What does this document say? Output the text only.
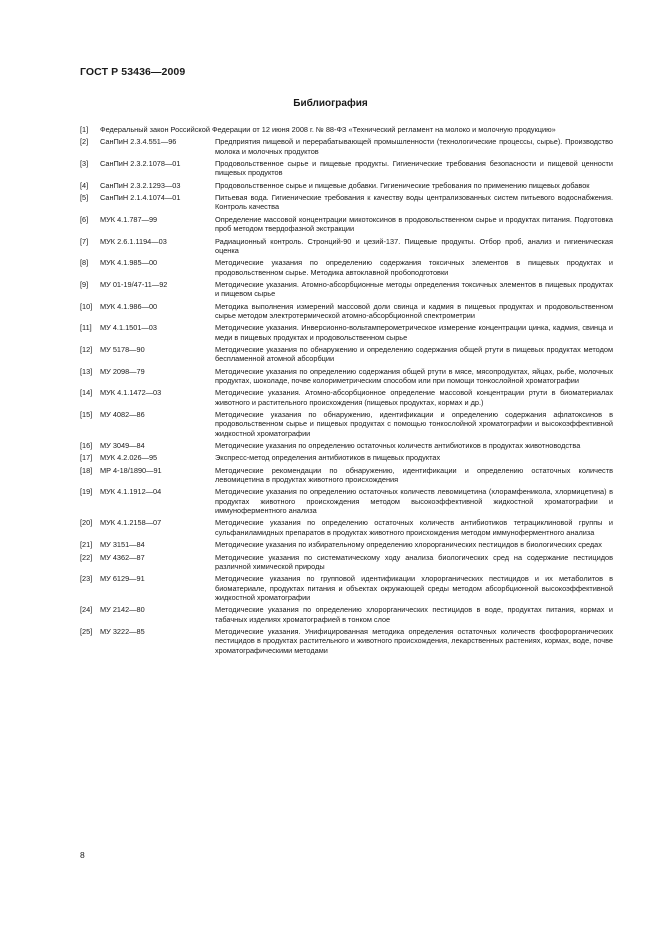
ГОСТ Р 53436—2009
Библиография
[1]	Федеральный закон Российской Федерации от 12 июня 2008 г. № 88-ФЗ «Технический регламент на молоко и молочную продукцию»
[2]	СанПиН 2.3.4.551—96	Предприятия пищевой и перерабатывающей промышленности (технологические процессы, сырье). Производство молока и молочных продуктов
[3]	СанПиН 2.3.2.1078—01	Продовольственное сырье и пищевые продукты. Гигиенические требования безопасности и пищевой ценности пищевых продуктов
[4]	СанПиН 2.3.2.1293—03	Продовольственное сырье и пищевые добавки. Гигиенические требования по применению пищевых добавок
[5]	СанПиН 2.1.4.1074—01	Питьевая вода. Гигиенические требования к качеству воды централизованных систем питьевого водоснабжения. Контроль качества
[6]	МУК 4.1.787—99	Определение массовой концентрации микотоксинов в продовольственном сырье и продуктах питания. Подготовка проб методом твердофазной экстракции
[7]	МУК 2.6.1.1194—03	Радиационный контроль. Стронций-90 и цезий-137. Пищевые продукты. Отбор проб, анализ и гигиеническая оценка
[8]	МУК 4.1.985—00	Методические указания по определению содержания токсичных элементов в пищевых продуктах и продовольственном сырье. Методика автоклавной пробоподготовки
[9]	МУ 01-19/47-11—92	Методические указания. Атомно-абсорбционные методы определения токсичных элементов в пищевых продуктах и пищевом сырье
[10]	МУК 4.1.986—00	Методика выполнения измерений массовой доли свинца и кадмия в пищевых продуктах и продовольственном сырье методом электротермической атомно-абсорбционной спектрометрии
[11]	МУ 4.1.1501—03	Методические указания. Инверсионно-вольтамперометрическое измерение концентрации цинка, кадмия, свинца и меди в пищевых продуктах и продовольственном сырье
[12]	МУ 5178—90	Методические указания по обнаружению и определению содержания общей ртути в пищевых продуктах методом беспламенной атомной абсорбции
[13]	МУ 2098—79	Методические указания по определению содержания общей ртути в мясе, мясопродуктах, яйцах, рыбе, молочных продуктах, шоколаде, почве колориметрическим способом или при помощи тонкослойной хроматографии
[14]	МУК 4.1.1472—03	Методические указания. Атомно-абсорбционное определение массовой концентрации ртути в биоматериалах животного и растительного происхождения (пищевых продуктах, кормах и др.)
[15]	МУ 4082—86	Методические указания по обнаружению, идентификации и определению содержания афлатоксинов в продовольственном сырье и пищевых продуктах с помощью тонкослойной хроматографии и высокоэффективной жидкостной хроматографии
[16]	МУ 3049—84	Методические указания по определению остаточных количеств антибиотиков в продуктах животноводства
[17]	МУК 4.2.026—95	Экспресс-метод определения антибиотиков в пищевых продуктах
[18]	МР 4-18/1890—91	Методические рекомендации по обнаружению, идентификации и определению остаточных количеств левомицетина в продуктах животного происхождения
[19]	МУК 4.1.1912—04	Методические указания по определению остаточных количеств левомицетина (хлорамфеникола, хлормицетина) в продуктах животного происхождения методом высокоэффективной жидкостной хроматографии и иммуноферментного анализа
[20]	МУК 4.1.2158—07	Методические указания по определению остаточных количеств антибиотиков тетрациклиновой группы и сульфаниламидных препаратов в продуктах животного происхождения методом иммуноферментного анализа
[21]	МУ 3151—84	Методические указания по избирательному определению хлорорганических пестицидов в биологических средах
[22]	МУ 4362—87	Методические указания по систематическому ходу анализа биологических сред на содержание пестицидов различной химической природы
[23]	МУ 6129—91	Методические указания по групповой идентификации хлорорганических пестицидов и их метаболитов в биоматериале, продуктах питания и объектах окружающей среды методом абсорбционной высокоэффективной жидкостной хроматографии
[24]	МУ 2142—80	Методические указания по определению хлорорганических пестицидов в воде, продуктах питания, кормах и табачных изделиях хроматографией в тонком слое
[25]	МУ 3222—85	Методические указания. Унифицированная методика определения остаточных количеств фосфорорганических пестицидов в продуктах растительного и животного происхождения, лекарственных растениях, кормах, воде, почве хроматографическими методами
8
